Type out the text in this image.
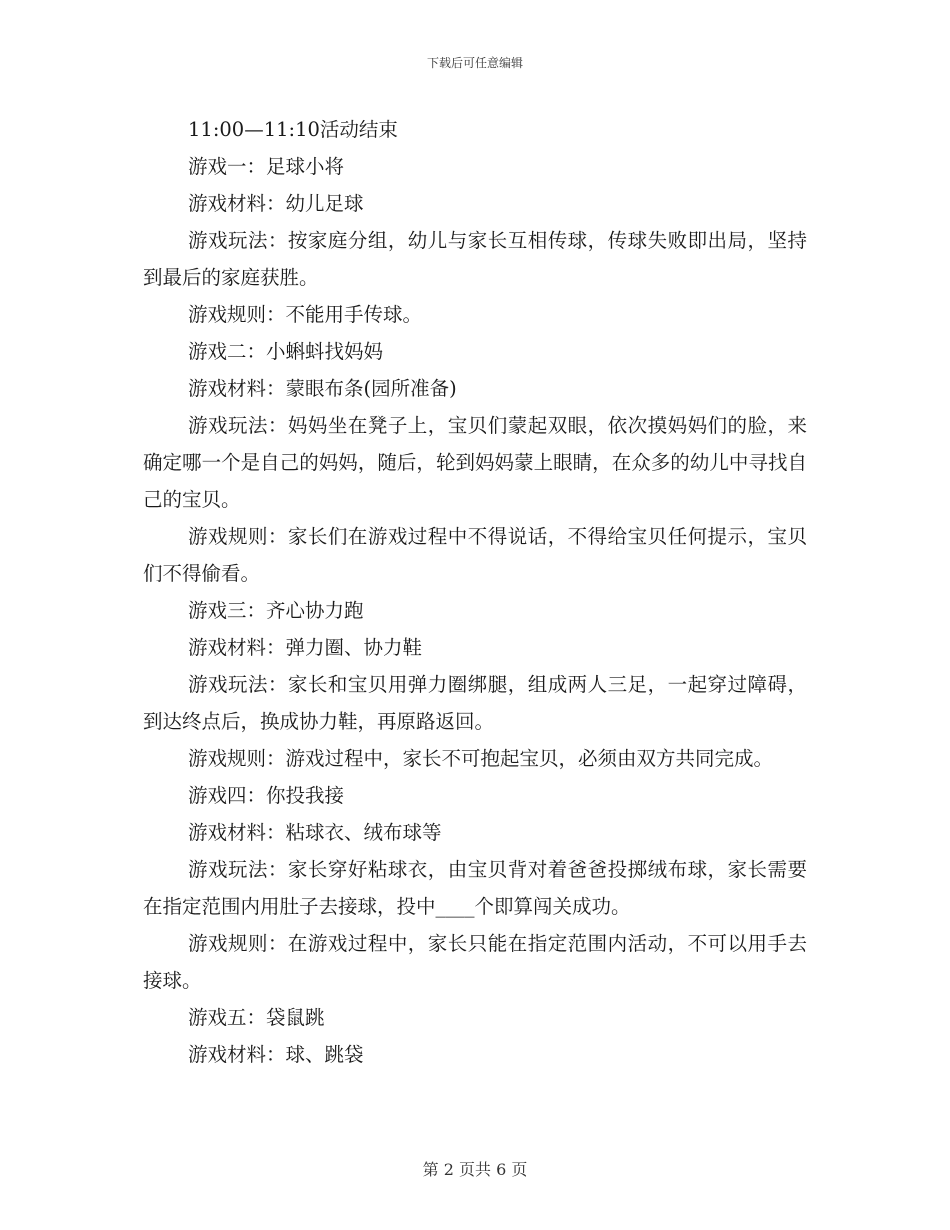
下载后可任意编辑

11:00—11:10活动结束

游戏一：足球小将

游戏材料：幼儿足球

游戏玩法：按家庭分组，幼儿与家长互相传球，传球失败即出局，坚持到最后的家庭获胜。

游戏规则：不能用手传球。

游戏二：小蝌蚪找妈妈

游戏材料：蒙眼布条(园所准备)

游戏玩法：妈妈坐在凳子上，宝贝们蒙起双眼，依次摸妈妈们的脸，来确定哪一个是自己的妈妈，随后，轮到妈妈蒙上眼睛，在众多的幼儿中寻找自己的宝贝。

游戏规则：家长们在游戏过程中不得说话，不得给宝贝任何提示，宝贝们不得偷看。

游戏三：齐心协力跑

游戏材料：弹力圈、协力鞋

游戏玩法：家长和宝贝用弹力圈绑腿，组成两人三足，一起穿过障碍，到达终点后，换成协力鞋，再原路返回。

游戏规则：游戏过程中，家长不可抱起宝贝，必须由双方共同完成。

游戏四：你投我接

游戏材料：粘球衣、绒布球等

游戏玩法：家长穿好粘球衣，由宝贝背对着爸爸投掷绒布球，家长需要在指定范围内用肚子去接球，投中____个即算闯关成功。

游戏规则：在游戏过程中，家长只能在指定范围内活动，不可以用手去接球。

游戏五：袋鼠跳

游戏材料：球、跳袋

第 2 页共 6 页
